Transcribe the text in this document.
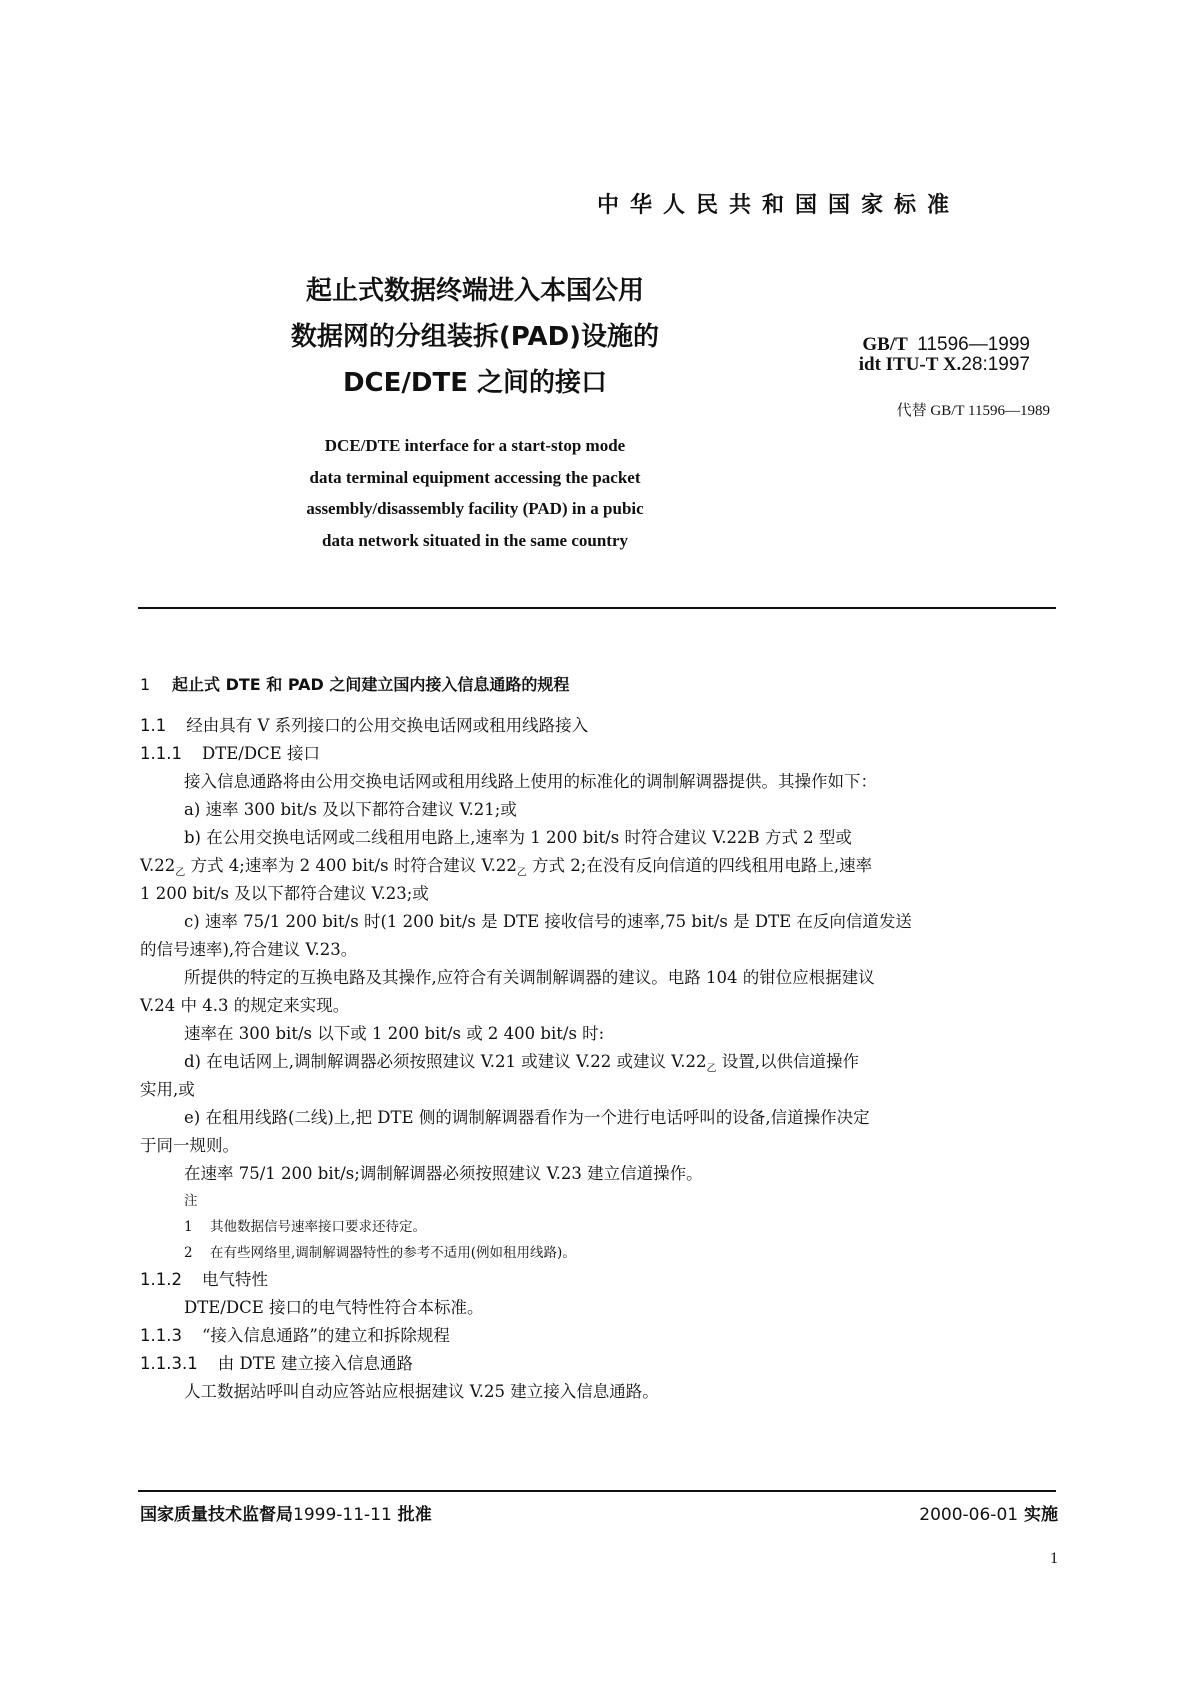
中华人民共和国国家标准
起止式数据终端进入本国公用
数据网的分组装拆(PAD)设施的
DCE/DTE 之间的接口
GB/T 11596—1999
idt ITU-T X.28:1997
代替 GB/T 11596—1989
DCE/DTE interface for a start-stop mode
data terminal equipment accessing the packet
assembly/disassembly facility (PAD) in a pubic
data network situated in the same country
1 起止式 DTE 和 PAD 之间建立国内接入信息通路的规程
1.1 经由具有 V 系列接口的公用交换电话网或租用线路接入
1.1.1 DTE/DCE 接口
接入信息通路将由公用交换电话网或租用线路上使用的标准化的调制解调器提供。其操作如下：
a) 速率 300 bit/s 及以下都符合建议 V.21;或
b) 在公用交换电话网或二线租用电路上,速率为 1 200 bit/s 时符合建议 V.22B 方式 2 型或
$V.22_乙$ 方式 4;速率为 2 400 bit/s 时符合建议 $V.22_乙$ 方式 2;在没有反向信道的四线租用电路上,速率
1 200 bit/s 及以下都符合建议 V.23;或
c) 速率 75/1 200 bit/s 时(1 200 bit/s 是 DTE 接收信号的速率,75 bit/s 是 DTE 在反向信道发送
的信号速率),符合建议 V.23。
所提供的特定的互换电路及其操作,应符合有关调制解调器的建议。电路 104 的钳位应根据建议
V.24 中 4.3 的规定来实现。
速率在 300 bit/s 以下或 1 200 bit/s 或 2 400 bit/s 时:
d) 在电话网上,调制解调器必须按照建议 V.21 或建议 V.22 或建议 $V.22_乙$ 设置,以供信道操作
实用,或
e) 在租用线路(二线)上,把 DTE 侧的调制解调器看作为一个进行电话呼叫的设备,信道操作决定
于同一规则。
在速率 75/1 200 bit/s;调制解调器必须按照建议 V.23 建立信道操作。
注
1 其他数据信号速率接口要求还待定。
2 在有些网络里,调制解调器特性的参考不适用(例如租用线路)。
1.1.2 电气特性
DTE/DCE 接口的电气特性符合本标准。
1.1.3 “接入信息通路”的建立和拆除规程
1.1.3.1 由 DTE 建立接入信息通路
人工数据站呼叫自动应答站应根据建议 V.25 建立接入信息通路。
国家质量技术监督局1999-11-11 批准	2000-06-01 实施
1
